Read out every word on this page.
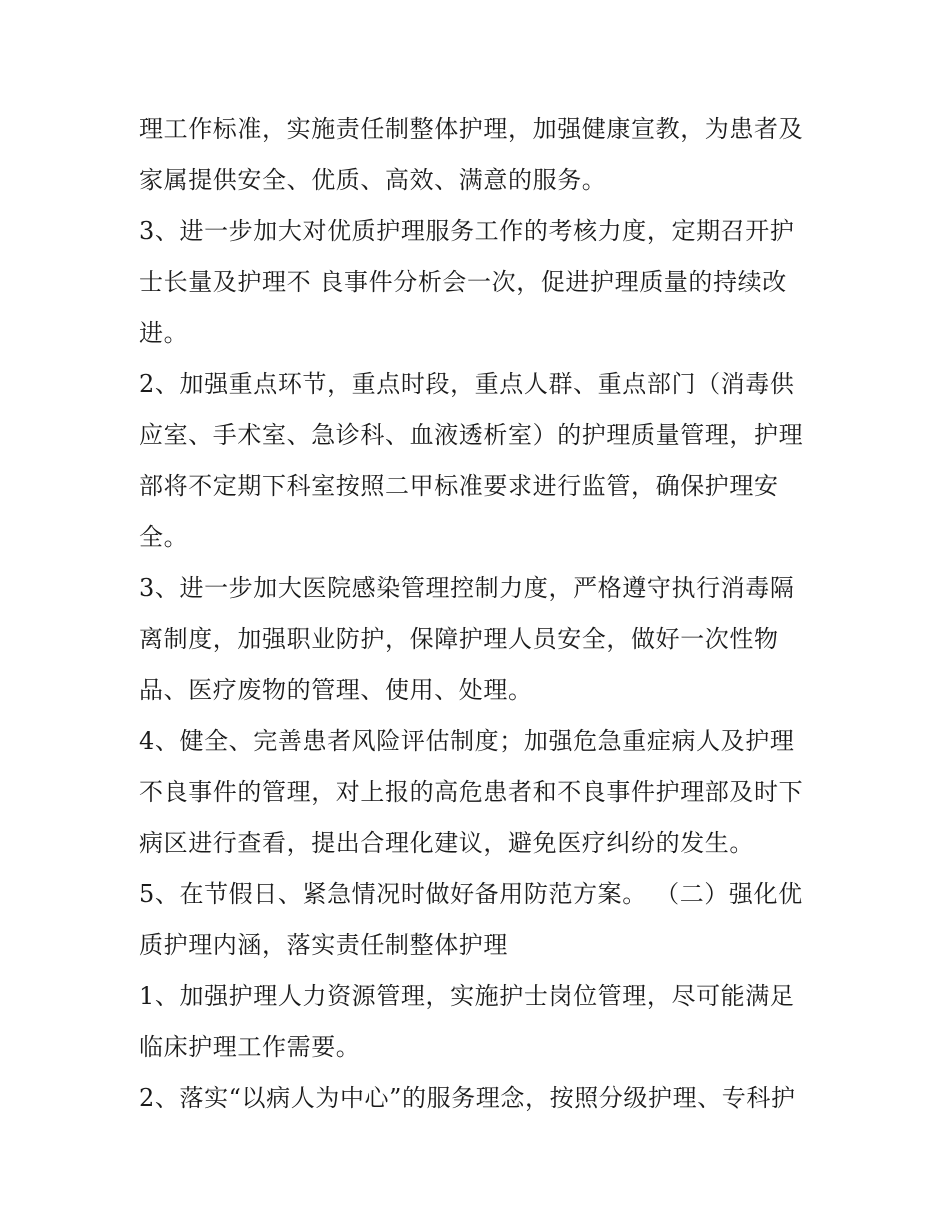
理工作标准，实施责任制整体护理，加强健康宣教，为患者及
家属提供安全、优质、高效、满意的服务。
3、进一步加大对优质护理服务工作的考核力度，定期召开护
士长量及护理不 良事件分析会一次，促进护理质量的持续改
进。
2、加强重点环节，重点时段，重点人群、重点部门（消毒供
应室、手术室、急诊科、血液透析室）的护理质量管理，护理
部将不定期下科室按照二甲标准要求进行监管，确保护理安
全。
3、进一步加大医院感染管理控制力度，严格遵守执行消毒隔
离制度，加强职业防护，保障护理人员安全，做好一次性物
品、医疗废物的管理、使用、处理。
4、健全、完善患者风险评估制度；加强危急重症病人及护理
不良事件的管理，对上报的高危患者和不良事件护理部及时下
病区进行查看，提出合理化建议，避免医疗纠纷的发生。
5、在节假日、紧急情况时做好备用防范方案。 （二）强化优
质护理内涵，落实责任制整体护理
1、加强护理人力资源管理，实施护士岗位管理，尽可能满足
临床护理工作需要。
2、落实“以病人为中心”的服务理念，按照分级护理、专科护
